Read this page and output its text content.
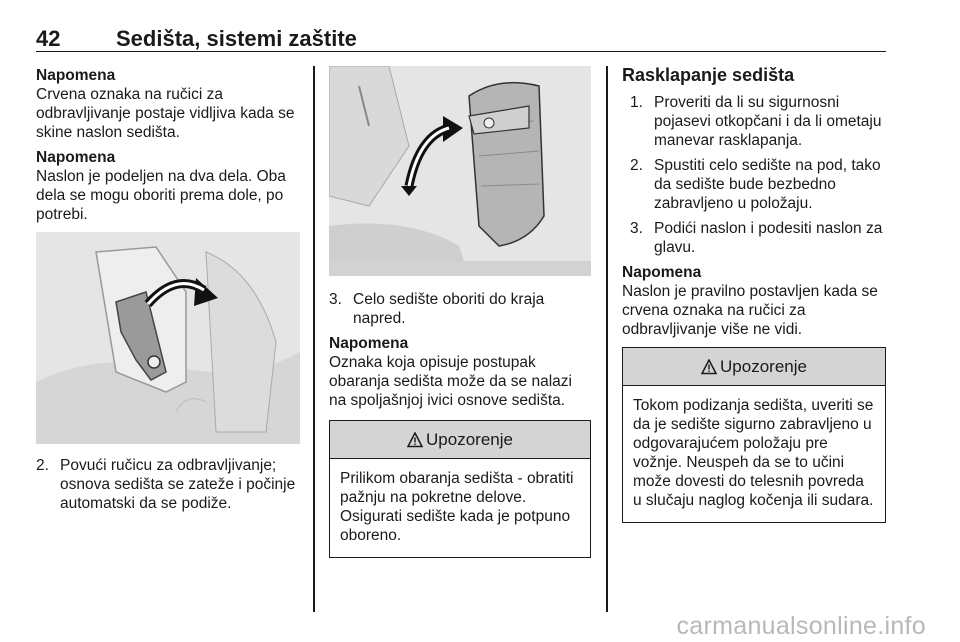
42	Sedišta, sistemi zaštite
Napomena
Crvena oznaka na ručici za odbravljivanje postaje vidljiva kada se skine naslon sedišta.
Napomena
Naslon je podeljen na dva dela. Oba dela se mogu oboriti prema dole, po potrebi.
2. Povući ručicu za odbravljivanje; osnova sedišta se zateže i počinje automatski da se podiže.
3. Celo sedište oboriti do kraja napred.
Napomena
Oznaka koja opisuje postupak obaranja sedišta može da se nalazi na spoljašnjoj ivici osnove sedišta.
Upozorenje
Prilikom obaranja sedišta - obratiti pažnju na pokretne delove. Osigurati sedište kada je potpuno oboreno.
Rasklapanje sedišta
1. Proveriti da li su sigurnosni pojasevi otkopčani i da li ometaju manevar rasklapanja.
2. Spustiti celo sedište na pod, tako da sedište bude bezbedno zabravljeno u položaju.
3. Podići naslon i podesiti naslon za glavu.
Napomena
Naslon je pravilno postavljen kada se crvena oznaka na ručici za odbravljivanje više ne vidi.
Upozorenje
Tokom podizanja sedišta, uveriti se da je sedište sigurno zabravljeno u odgovarajućem položaju pre vožnje. Neuspeh da se to učini može dovesti do telesnih povreda u slučaju naglog kočenja ili sudara.
carmanualsonline.info
